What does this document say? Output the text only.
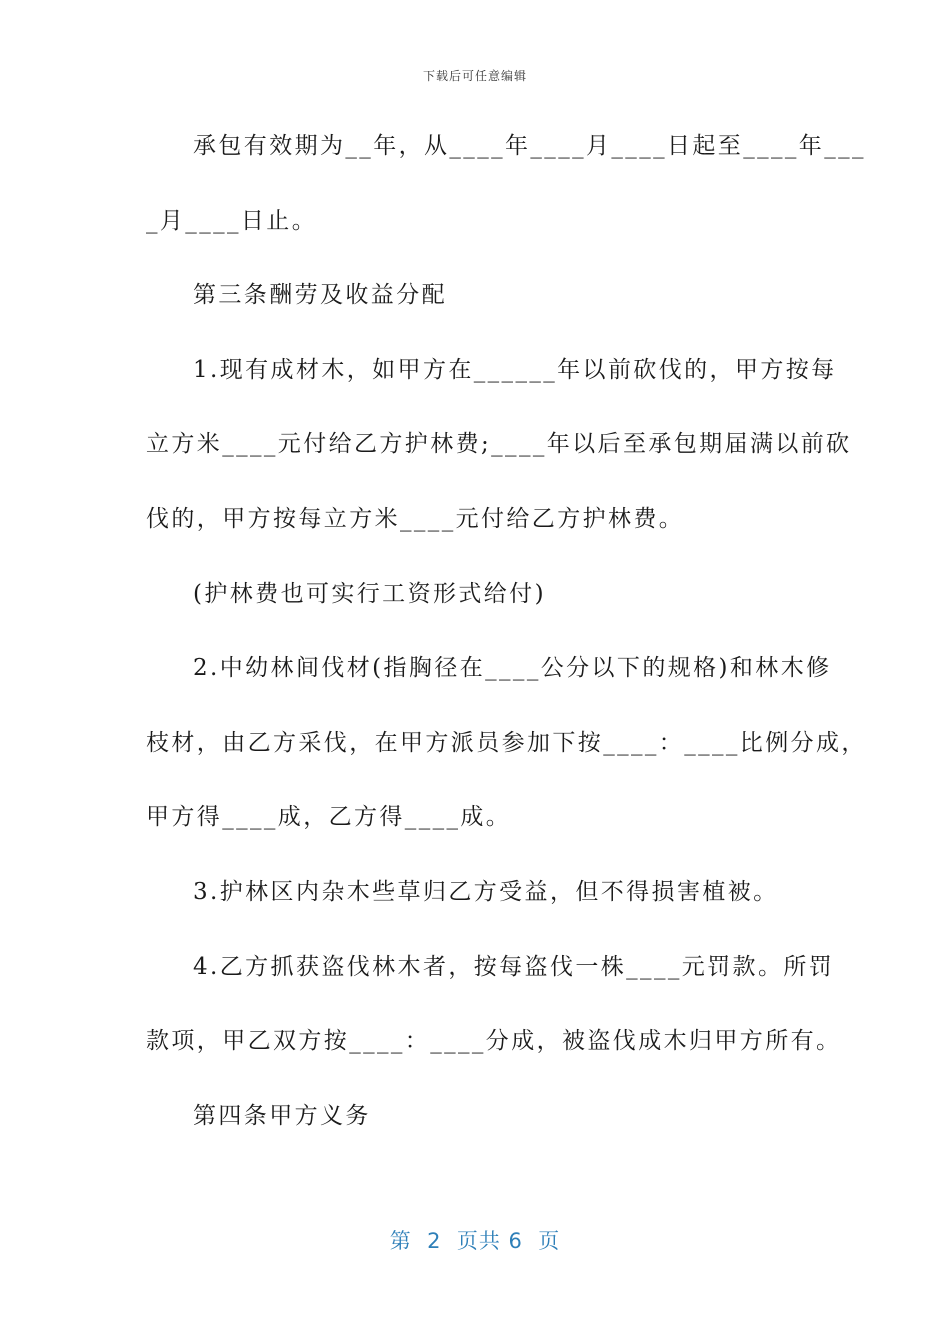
下载后可任意编辑
承包有效期为__年，从____年____月____日起至____年___
_月____日止。
第三条酬劳及收益分配
1.现有成材木，如甲方在______年以前砍伐的，甲方按每
立方米____元付给乙方护林费;____年以后至承包期届满以前砍
伐的，甲方按每立方米____元付给乙方护林费。
(护林费也可实行工资形式给付)
2.中幼林间伐材(指胸径在____公分以下的规格)和林木修
枝材，由乙方采伐，在甲方派员参加下按____：____比例分成，
甲方得____成，乙方得____成。
3.护林区内杂木些草归乙方受益，但不得损害植被。
4.乙方抓获盗伐林木者，按每盗伐一株____元罚款。所罚
款项，甲乙双方按____：____分成，被盗伐成木归甲方所有。
第四条甲方义务
第  2  页共 6  页
